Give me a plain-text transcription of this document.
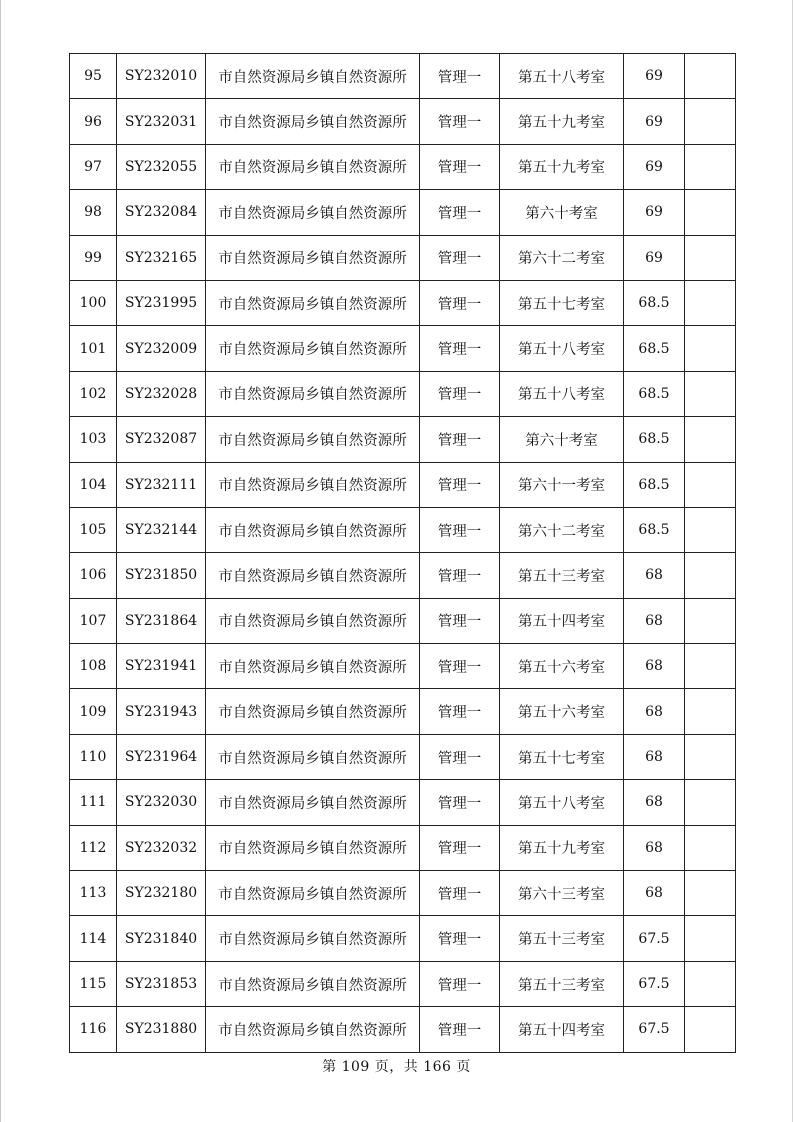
95	SY232010	市自然资源局乡镇自然资源所	管理一	第五十八考室	69	
96	SY232031	市自然资源局乡镇自然资源所	管理一	第五十九考室	69	
97	SY232055	市自然资源局乡镇自然资源所	管理一	第五十九考室	69	
98	SY232084	市自然资源局乡镇自然资源所	管理一	第六十考室	69	
99	SY232165	市自然资源局乡镇自然资源所	管理一	第六十二考室	69	
100	SY231995	市自然资源局乡镇自然资源所	管理一	第五十七考室	68.5	
101	SY232009	市自然资源局乡镇自然资源所	管理一	第五十八考室	68.5	
102	SY232028	市自然资源局乡镇自然资源所	管理一	第五十八考室	68.5	
103	SY232087	市自然资源局乡镇自然资源所	管理一	第六十考室	68.5	
104	SY232111	市自然资源局乡镇自然资源所	管理一	第六十一考室	68.5	
105	SY232144	市自然资源局乡镇自然资源所	管理一	第六十二考室	68.5	
106	SY231850	市自然资源局乡镇自然资源所	管理一	第五十三考室	68	
107	SY231864	市自然资源局乡镇自然资源所	管理一	第五十四考室	68	
108	SY231941	市自然资源局乡镇自然资源所	管理一	第五十六考室	68	
109	SY231943	市自然资源局乡镇自然资源所	管理一	第五十六考室	68	
110	SY231964	市自然资源局乡镇自然资源所	管理一	第五十七考室	68	
111	SY232030	市自然资源局乡镇自然资源所	管理一	第五十八考室	68	
112	SY232032	市自然资源局乡镇自然资源所	管理一	第五十九考室	68	
113	SY232180	市自然资源局乡镇自然资源所	管理一	第六十三考室	68	
114	SY231840	市自然资源局乡镇自然资源所	管理一	第五十三考室	67.5	
115	SY231853	市自然资源局乡镇自然资源所	管理一	第五十三考室	67.5	
116	SY231880	市自然资源局乡镇自然资源所	管理一	第五十四考室	67.5	
第 109 页，共 166 页
